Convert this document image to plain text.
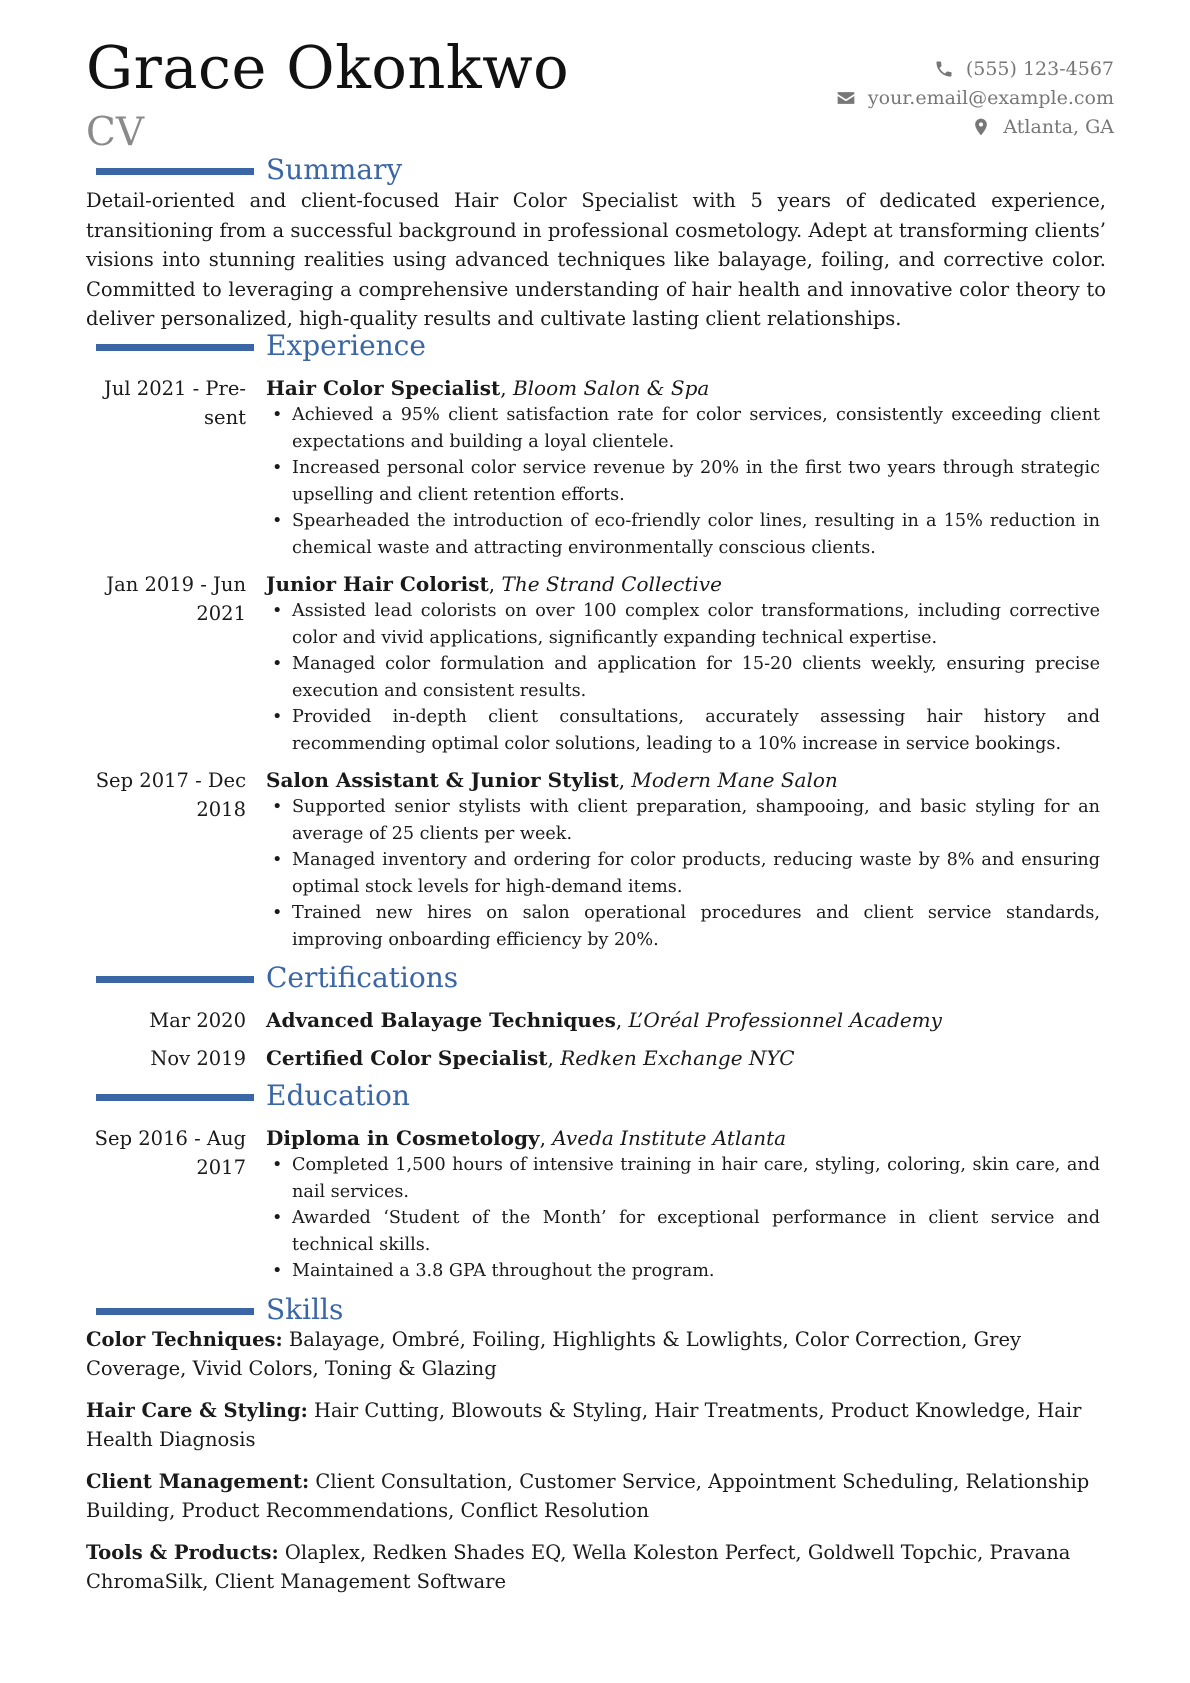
Grace Okonkwo
CV
(555) 123-4567
your.email@example.com
Atlanta, GA
Summary
Detail-oriented and client-focused Hair Color Specialist with 5 years of dedicated experience, transitioning from a successful background in professional cosmetology. Adept at transforming clients’ visions into stunning realities using advanced techniques like balayage, foiling, and corrective color. Committed to leveraging a comprehensive understanding of hair health and innovative color theory to deliver personalized, high-quality results and cultivate lasting client relationships.
Experience
Jul 2021 - Pre-
sent
Hair Color Specialist, Bloom Salon & Spa
• Achieved a 95% client satisfaction rate for color services, consistently exceeding client expectations and building a loyal clientele.
• Increased personal color service revenue by 20% in the first two years through strategic upselling and client retention efforts.
• Spearheaded the introduction of eco-friendly color lines, resulting in a 15% reduction in chemical waste and attracting environmentally conscious clients.
Jan 2019 - Jun
2021
Junior Hair Colorist, The Strand Collective
• Assisted lead colorists on over 100 complex color transformations, including corrective color and vivid applications, significantly expanding technical expertise.
• Managed color formulation and application for 15-20 clients weekly, ensuring precise execution and consistent results.
• Provided in-depth client consultations, accurately assessing hair history and recommending optimal color solutions, leading to a 10% increase in service bookings.
Sep 2017 - Dec
2018
Salon Assistant & Junior Stylist, Modern Mane Salon
• Supported senior stylists with client preparation, shampooing, and basic styling for an average of 25 clients per week.
• Managed inventory and ordering for color products, reducing waste by 8% and ensuring optimal stock levels for high-demand items.
• Trained new hires on salon operational procedures and client service standards, improving onboarding efficiency by 20%.
Certifications
Mar 2020 Advanced Balayage Techniques, L’Oréal Professionnel Academy
Nov 2019 Certified Color Specialist, Redken Exchange NYC
Education
Sep 2016 - Aug
2017
Diploma in Cosmetology, Aveda Institute Atlanta
• Completed 1,500 hours of intensive training in hair care, styling, coloring, skin care, and nail services.
• Awarded ‘Student of the Month’ for exceptional performance in client service and technical skills.
• Maintained a 3.8 GPA throughout the program.
Skills
Color Techniques: Balayage, Ombré, Foiling, Highlights & Lowlights, Color Correction, Grey Coverage, Vivid Colors, Toning & Glazing
Hair Care & Styling: Hair Cutting, Blowouts & Styling, Hair Treatments, Product Knowledge, Hair Health Diagnosis
Client Management: Client Consultation, Customer Service, Appointment Scheduling, Relationship Building, Product Recommendations, Conflict Resolution
Tools & Products: Olaplex, Redken Shades EQ, Wella Koleston Perfect, Goldwell Topchic, Pravana ChromaSilk, Client Management Software
